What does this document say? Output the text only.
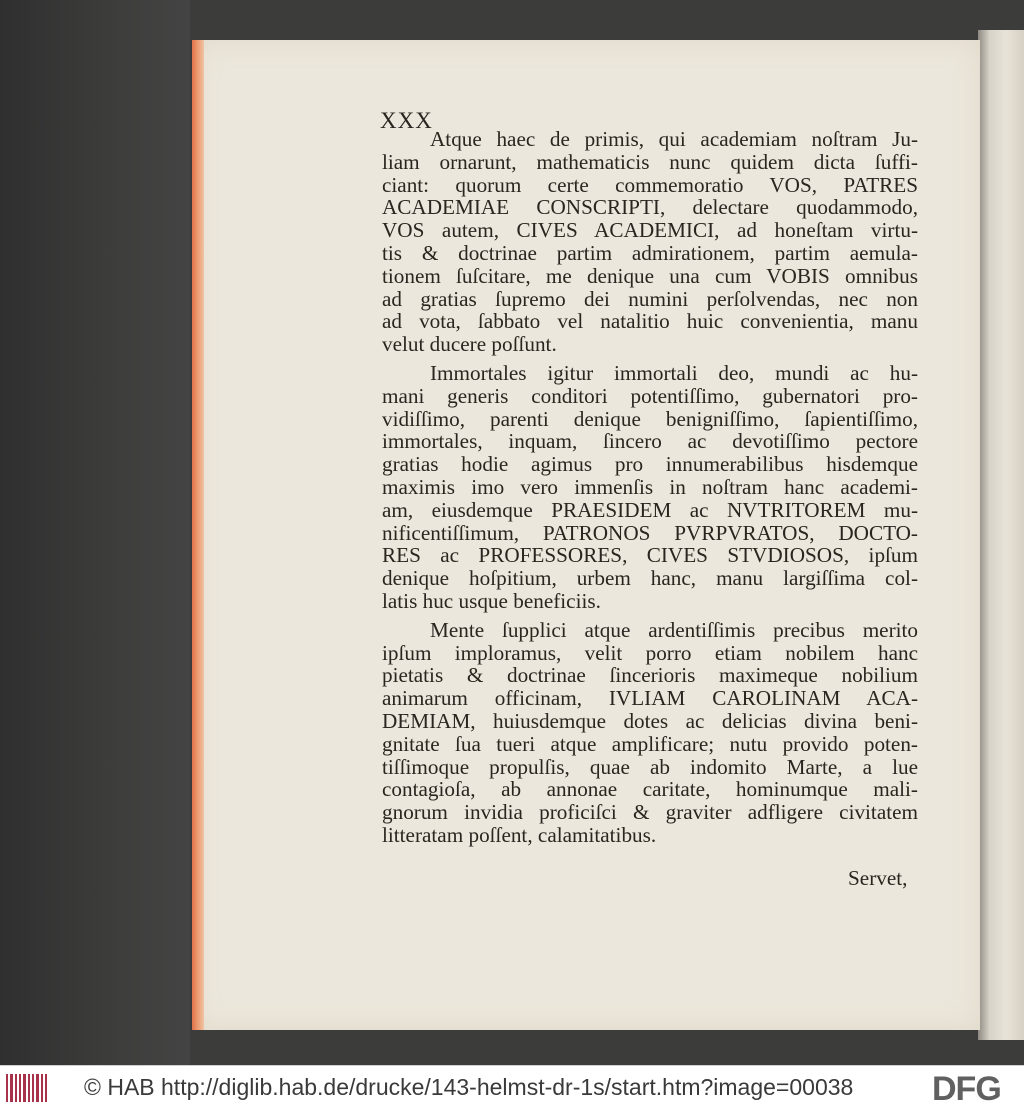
XXX
Atque haec de primis, qui academiam noſtram Ju-
liam ornarunt, mathematicis nunc quidem dicta ſuffi-
ciant: quorum certe commemoratio VOS, PATRES
ACADEMIAE CONSCRIPTI, delectare quodammodo,
VOS autem, CIVES ACADEMICI, ad honeſtam virtu-
tis & doctrinae partim admirationem, partim aemula-
tionem ſuſcitare, me denique una cum VOBIS omnibus
ad gratias ſupremo dei numini perſolvendas, nec non
ad vota, ſabbato vel natalitio huic convenientia, manu
velut ducere poſſunt.
Immortales igitur immortali deo, mundi ac hu-
mani generis conditori potentiſſimo, gubernatori pro-
vidiſſimo, parenti denique benigniſſimo, ſapientiſſimo,
immortales, inquam, ſincero ac devotiſſimo pectore
gratias hodie agimus pro innumerabilibus hisdemque
maximis imo vero immenſis in noſtram hanc academi-
am, eiusdemque PRAESIDEM ac NVTRITOREM mu-
nificentiſſimum, PATRONOS PVRPVRATOS, DOCTO-
RES ac PROFESSORES, CIVES STVDIOSOS, ipſum
denique hoſpitium, urbem hanc, manu largiſſima col-
latis huc usque beneficiis.
Mente ſupplici atque ardentiſſimis precibus merito
ipſum imploramus, velit porro etiam nobilem hanc
pietatis & doctrinae ſincerioris maximeque nobilium
animarum officinam, IVLIAM CAROLINAM ACA-
DEMIAM, huiusdemque dotes ac delicias divina beni-
gnitate ſua tueri atque amplificare; nutu provido poten-
tiſſimoque propulſis, quae ab indomito Marte, a lue
contagioſa, ab annonae caritate, hominumque mali-
gnorum invidia proficiſci & graviter adfligere civitatem
litteratam poſſent, calamitatibus.
Servet,
© HAB http://diglib.hab.de/drucke/143-helmst-dr-1s/start.htm?image=00038 DFG
